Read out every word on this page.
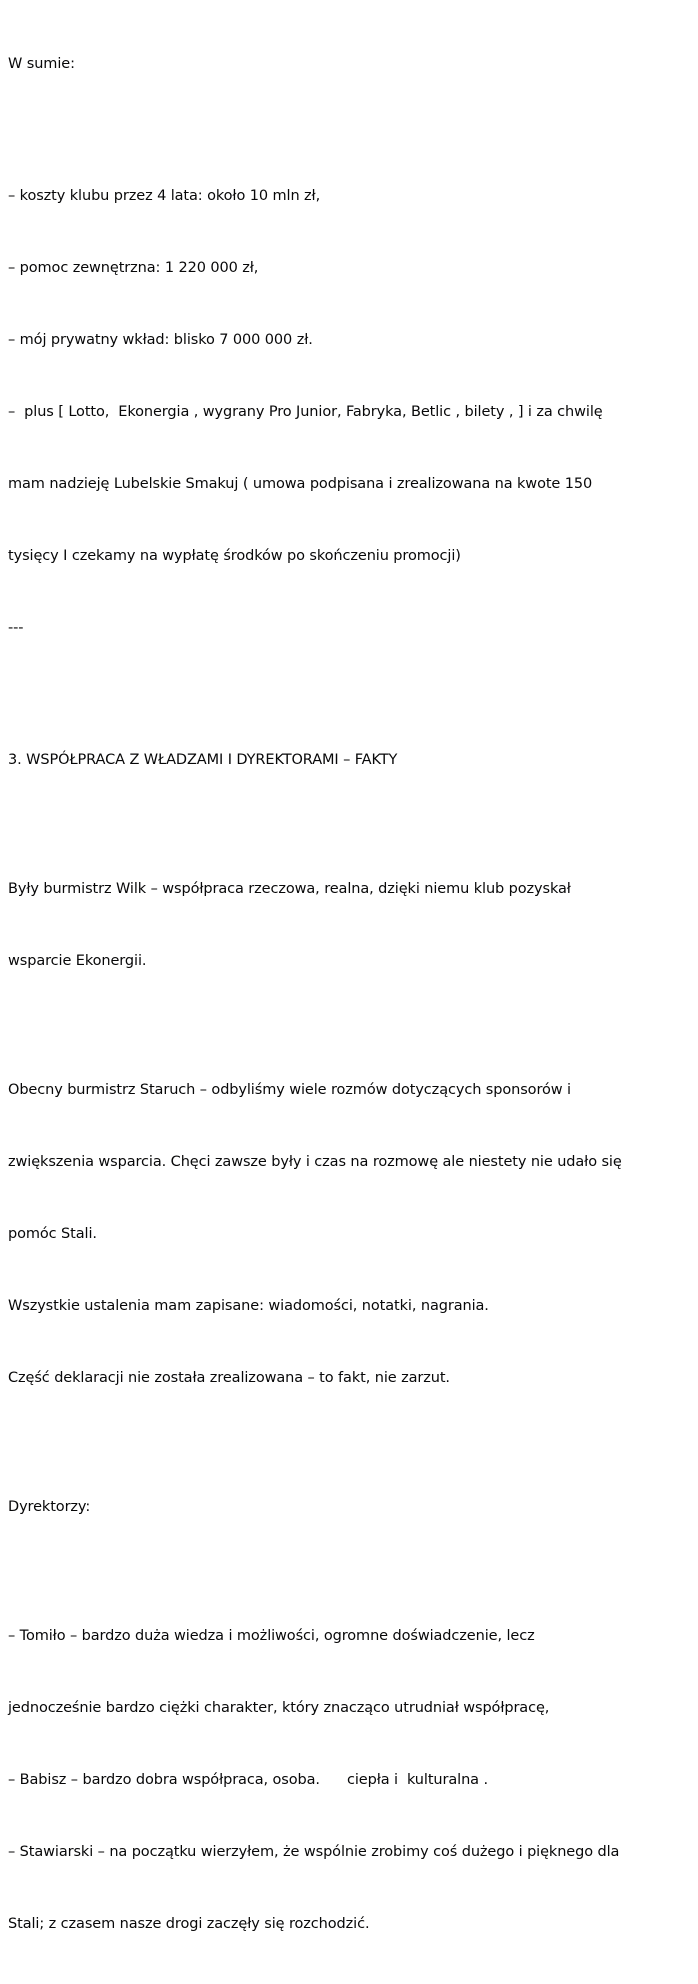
W sumie:

– koszty klubu przez 4 lata: około 10 mln zł,

– pomoc zewnętrzna: 1 220 000 zł,

– mój prywatny wkład: blisko 7 000 000 zł.

–  plus [ Lotto,  Ekonergia , wygrany Pro Junior, Fabryka, Betlic , bilety , ] i za chwilę

mam nadzieję Lubelskie Smakuj ( umowa podpisana i zrealizowana na kwote 150

tysięcy I czekamy na wypłatę środków po skończeniu promocji)

---

3. WSPÓŁPRACA Z WŁADZAMI I DYREKTORAMI – FAKTY

Były burmistrz Wilk – współpraca rzeczowa, realna, dzięki niemu klub pozyskał

wsparcie Ekonergii.

Obecny burmistrz Staruch – odbyliśmy wiele rozmów dotyczących sponsorów i

zwiększenia wsparcia. Chęci zawsze były i czas na rozmowę ale niestety nie udało się

pomóc Stali.

Wszystkie ustalenia mam zapisane: wiadomości, notatki, nagrania.

Część deklaracji nie została zrealizowana – to fakt, nie zarzut.

Dyrektorzy:

– Tomiło – bardzo duża wiedza i możliwości, ogromne doświadczenie, lecz

jednocześnie bardzo ciężki charakter, który znacząco utrudniał współpracę,

– Babisz – bardzo dobra współpraca, osoba.      ciepła i  kulturalna .

– Stawiarski – na początku wierzyłem, że wspólnie zrobimy coś dużego i pięknego dla

Stali; z czasem nasze drogi zaczęły się rozchodzić.
